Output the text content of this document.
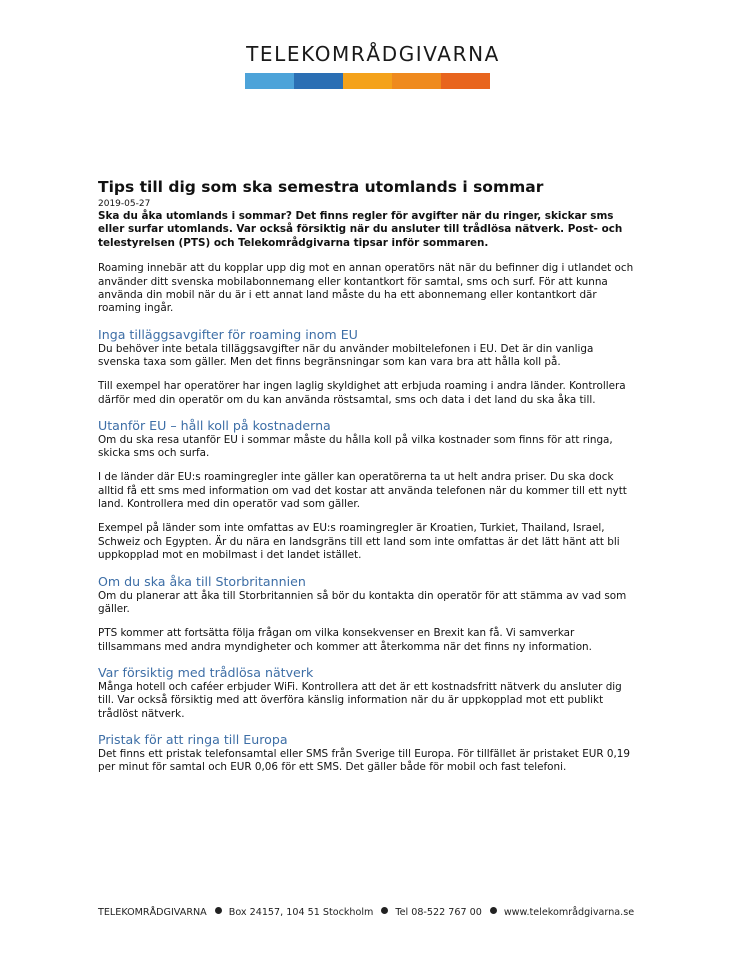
TELEKOMRÅDGIVARNA
Tips till dig som ska semestra utomlands i sommar
2019-05-27

Ska du åka utomlands i sommar? Det finns regler för avgifter när du ringer, skickar sms eller surfar utomlands. Var också försiktig när du ansluter till trådlösa nätverk. Post- och telestyrelsen (PTS) och Telekområdgivarna tipsar inför sommaren.

Roaming innebär att du kopplar upp dig mot en annan operatörs nät när du befinner dig i utlandet och använder ditt svenska mobilabonnemang eller kontantkort för samtal, sms och surf. För att kunna använda din mobil när du är i ett annat land måste du ha ett abonnemang eller kontantkort där roaming ingår.

Inga tilläggsavgifter för roaming inom EU

Du behöver inte betala tilläggsavgifter när du använder mobiltelefonen i EU. Det är din vanliga svenska taxa som gäller. Men det finns begränsningar som kan vara bra att hålla koll på.

Till exempel har operatörer har ingen laglig skyldighet att erbjuda roaming i andra länder. Kontrollera därför med din operatör om du kan använda röstsamtal, sms och data i det land du ska åka till.

Utanför EU – håll koll på kostnaderna

Om du ska resa utanför EU i sommar måste du hålla koll på vilka kostnader som finns för att ringa, skicka sms och surfa.

I de länder där EU:s roamingregler inte gäller kan operatörerna ta ut helt andra priser. Du ska dock alltid få ett sms med information om vad det kostar att använda telefonen när du kommer till ett nytt land. Kontrollera med din operatör vad som gäller.

Exempel på länder som inte omfattas av EU:s roamingregler är Kroatien, Turkiet, Thailand, Israel, Schweiz och Egypten. Är du nära en landsgräns till ett land som inte omfattas är det lätt hänt att bli uppkopplad mot en mobilmast i det landet istället.

Om du ska åka till Storbritannien

Om du planerar att åka till Storbritannien så bör du kontakta din operatör för att stämma av vad som gäller.

PTS kommer att fortsätta följa frågan om vilka konsekvenser en Brexit kan få. Vi samverkar tillsammans med andra myndigheter och kommer att återkomma när det finns ny information.

Var försiktig med trådlösa nätverk

Många hotell och caféer erbjuder WiFi. Kontrollera att det är ett kostnadsfritt nätverk du ansluter dig till. Var också försiktig med att överföra känslig information när du är uppkopplad mot ett publikt trådlöst nätverk.

Pristak för att ringa till Europa

Det finns ett pristak telefonsamtal eller SMS från Sverige till Europa. För tillfället är pristaket EUR 0,19 per minut för samtal och EUR 0,06 för ett SMS. Det gäller både för mobil och fast telefoni.

TELEKOMRÅDGIVARNA Box 24157, 104 51 Stockholm Tel 08-522 767 00 www.telekområdgivarna.se
